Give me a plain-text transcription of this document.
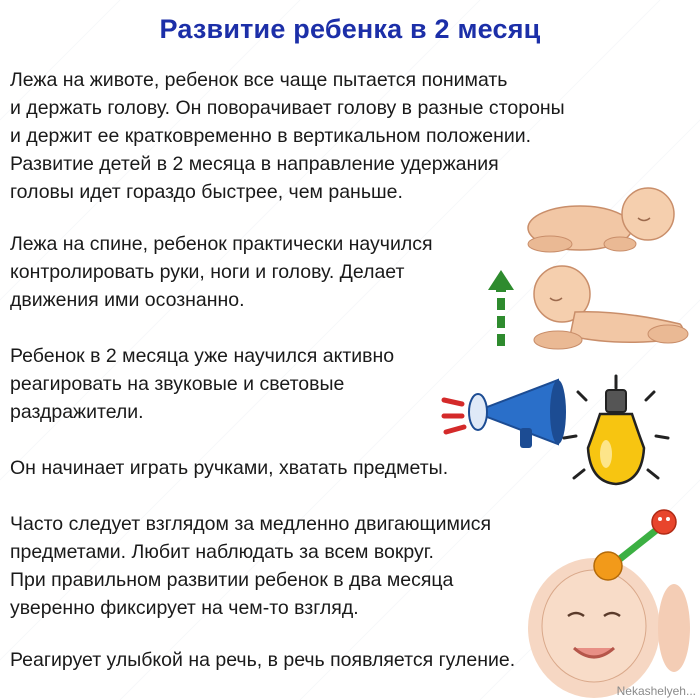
Развитие ребенка в 2 месяц
Лежа на животе, ребенок все чаще пытается понимать
и держать голову. Он поворачивает голову в разные стороны
и держит ее кратковременно в вертикальном положении.
Развитие детей в 2 месяца в направление удержания
головы идет гораздо быстрее, чем раньше.
Лежа на спине, ребенок практически научился
контролировать руки, ноги и голову. Делает
движения ими осознанно.
Ребенок в 2 месяца уже научился активно
реагировать на звуковые и световые
раздражители.
Он начинает играть ручками, хватать предметы.
Часто следует взглядом за медленно двигающимися
предметами. Любит наблюдать за всем вокруг.
При правильном развитии ребенок в два месяца
уверенно фиксирует на чем-то взгляд.
Реагирует улыбкой на речь, в речь появляется гуление.
Nekashelyeh...
